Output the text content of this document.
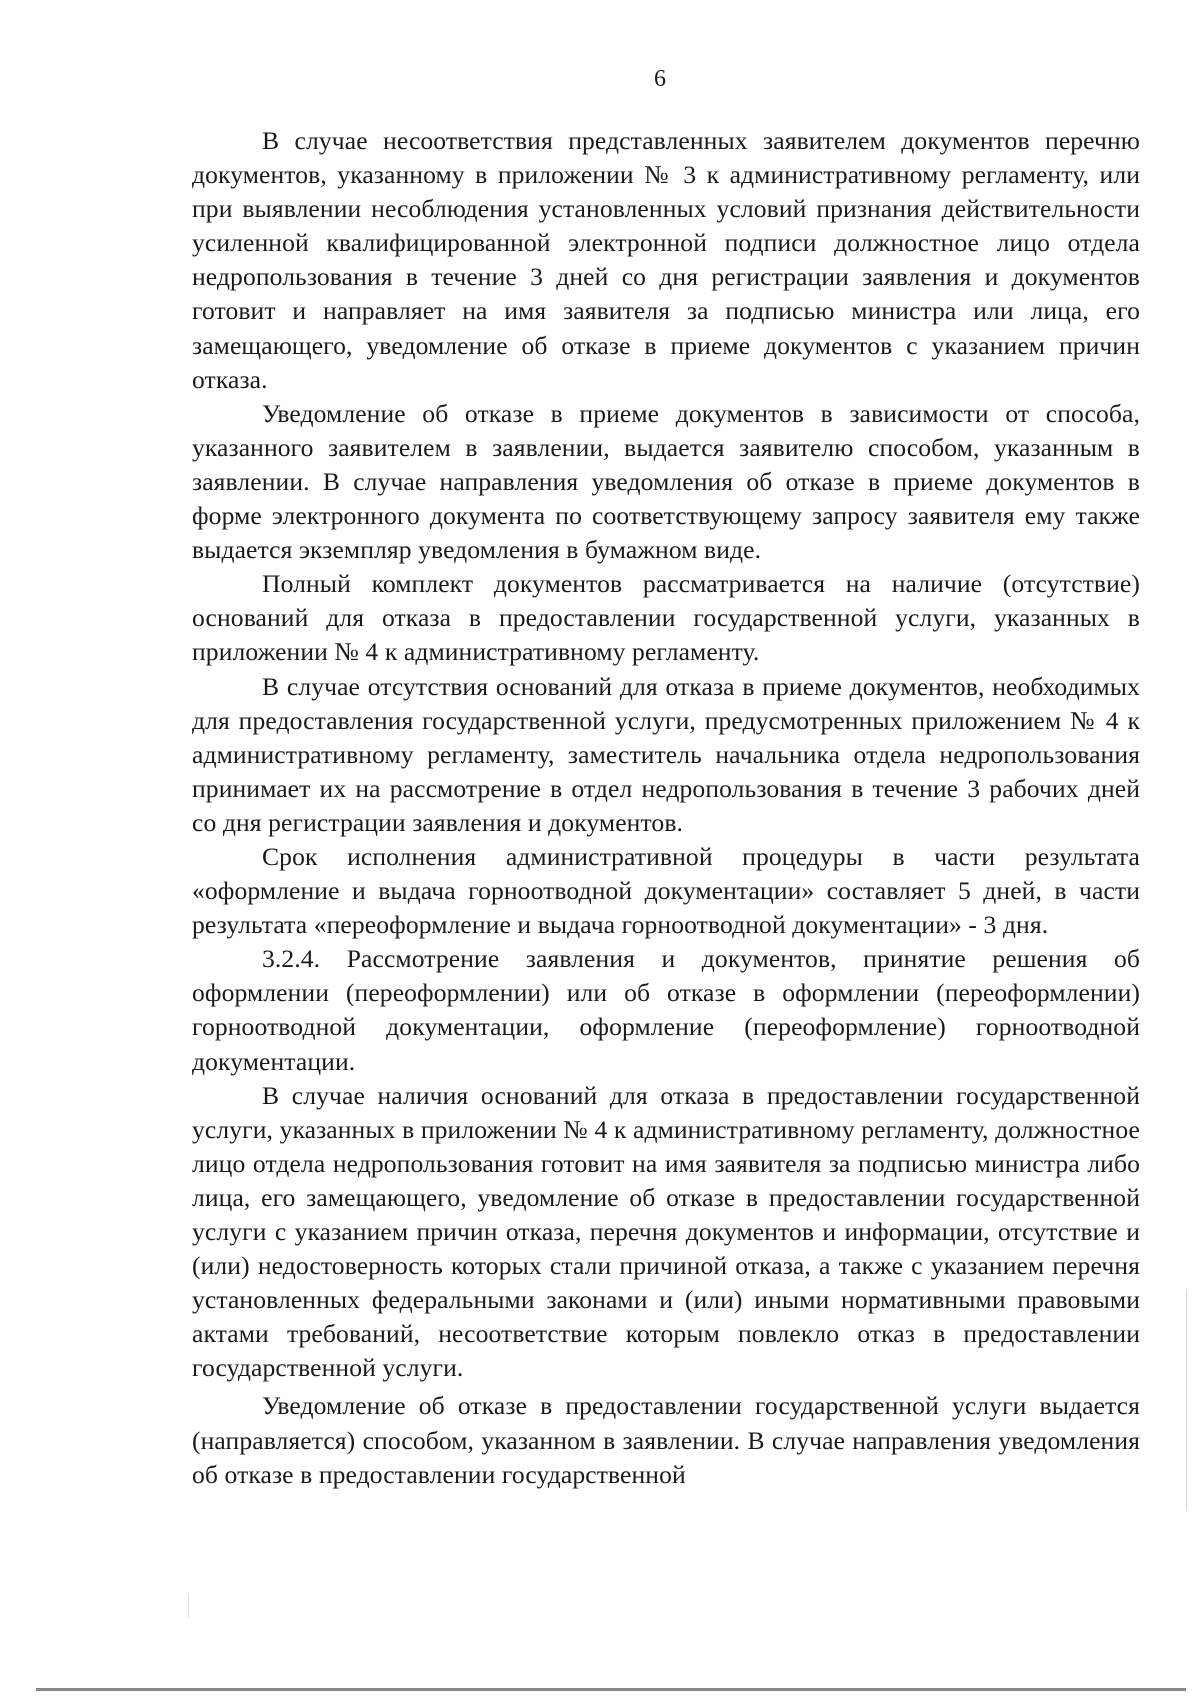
6

В случае несоответствия представленных заявителем документов перечню документов, указанному в приложении № 3 к административному регламенту, или при выявлении несоблюдения установленных условий признания действительности усиленной квалифицированной электронной подписи должностное лицо отдела недропользования в течение 3 дней со дня регистрации заявления и документов готовит и направляет на имя заявителя за подписью министра или лица, его замещающего, уведомление об отказе в приеме документов с указанием причин отказа.

Уведомление об отказе в приеме документов в зависимости от способа, указанного заявителем в заявлении, выдается заявителю способом, указанным в заявлении. В случае направления уведомления об отказе в приеме документов в форме электронного документа по соответствующему запросу заявителя ему также выдается экземпляр уведомления в бумажном виде.

Полный комплект документов рассматривается на наличие (отсутствие) оснований для отказа в предоставлении государственной услуги, указанных в приложении № 4 к административному регламенту.

В случае отсутствия оснований для отказа в приеме документов, необходимых для предоставления государственной услуги, предусмотренных приложением № 4 к административному регламенту, заместитель начальника отдела недропользования принимает их на рассмотрение в отдел недропользования в течение 3 рабочих дней со дня регистрации заявления и документов.

Срок исполнения административной процедуры в части результата «оформление и выдача горноотводной документации» составляет 5 дней, в части результата «переоформление и выдача горноотводной документации» - 3 дня.

3.2.4. Рассмотрение заявления и документов, принятие решения об оформлении (переоформлении) или об отказе в оформлении (переоформлении) горноотводной документации, оформление (переоформление) горноотводной документации.

В случае наличия оснований для отказа в предоставлении государственной услуги, указанных в приложении № 4 к административному регламенту, должностное лицо отдела недропользования готовит на имя заявителя за подписью министра либо лица, его замещающего, уведомление об отказе в предоставлении государственной услуги с указанием причин отказа, перечня документов и информации, отсутствие и (или) недостоверность которых стали причиной отказа, а также с указанием перечня установленных федеральными законами и (или) иными нормативными правовыми актами требований, несоответствие которым повлекло отказ в предоставлении государственной услуги.

Уведомление об отказе в предоставлении государственной услуги выдается (направляется) способом, указанном в заявлении. В случае направления уведомления об отказе в предоставлении государственной
